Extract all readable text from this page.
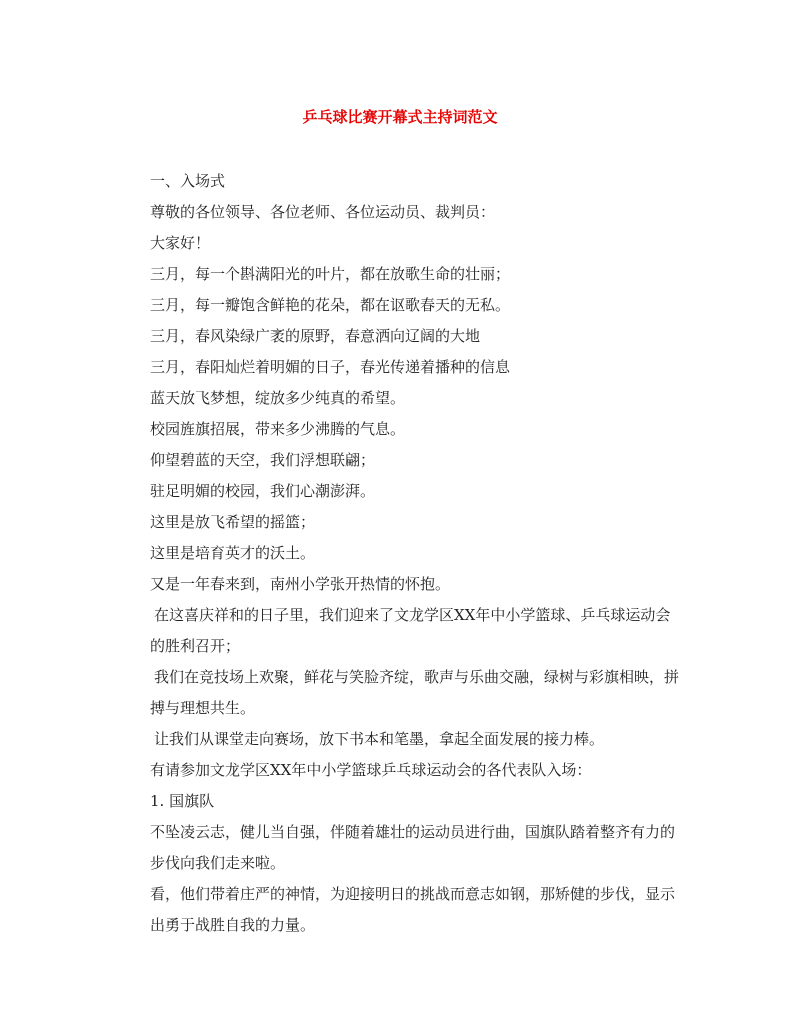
乒乓球比赛开幕式主持词范文

一、入场式

尊敬的各位领导、各位老师、各位运动员、裁判员：

大家好！

三月，每一个斟满阳光的叶片，都在放歌生命的壮丽；

三月，每一瓣饱含鲜艳的花朵，都在讴歌春天的无私。

三月，春风染绿广袤的原野，春意洒向辽阔的大地

三月，春阳灿烂着明媚的日子，春光传递着播种的信息

蓝天放飞梦想，绽放多少纯真的希望。

校园旌旗招展，带来多少沸腾的气息。

仰望碧蓝的天空，我们浮想联翩；

驻足明媚的校园，我们心潮澎湃。

这里是放飞希望的摇篮；

这里是培育英才的沃土。

又是一年春来到，南州小学张开热情的怀抱。

在这喜庆祥和的日子里，我们迎来了文龙学区XX年中小学篮球、乒乓球运动会的胜利召开；

我们在竞技场上欢聚，鲜花与笑脸齐绽，歌声与乐曲交融，绿树与彩旗相映，拼搏与理想共生。

让我们从课堂走向赛场，放下书本和笔墨，拿起全面发展的接力棒。

有请参加文龙学区XX年中小学篮球乒乓球运动会的各代表队入场：

1. 国旗队

不坠凌云志，健儿当自强，伴随着雄壮的运动员进行曲，国旗队踏着整齐有力的步伐向我们走来啦。

看，他们带着庄严的神情，为迎接明日的挑战而意志如钢，那矫健的步伐，显示出勇于战胜自我的力量。
